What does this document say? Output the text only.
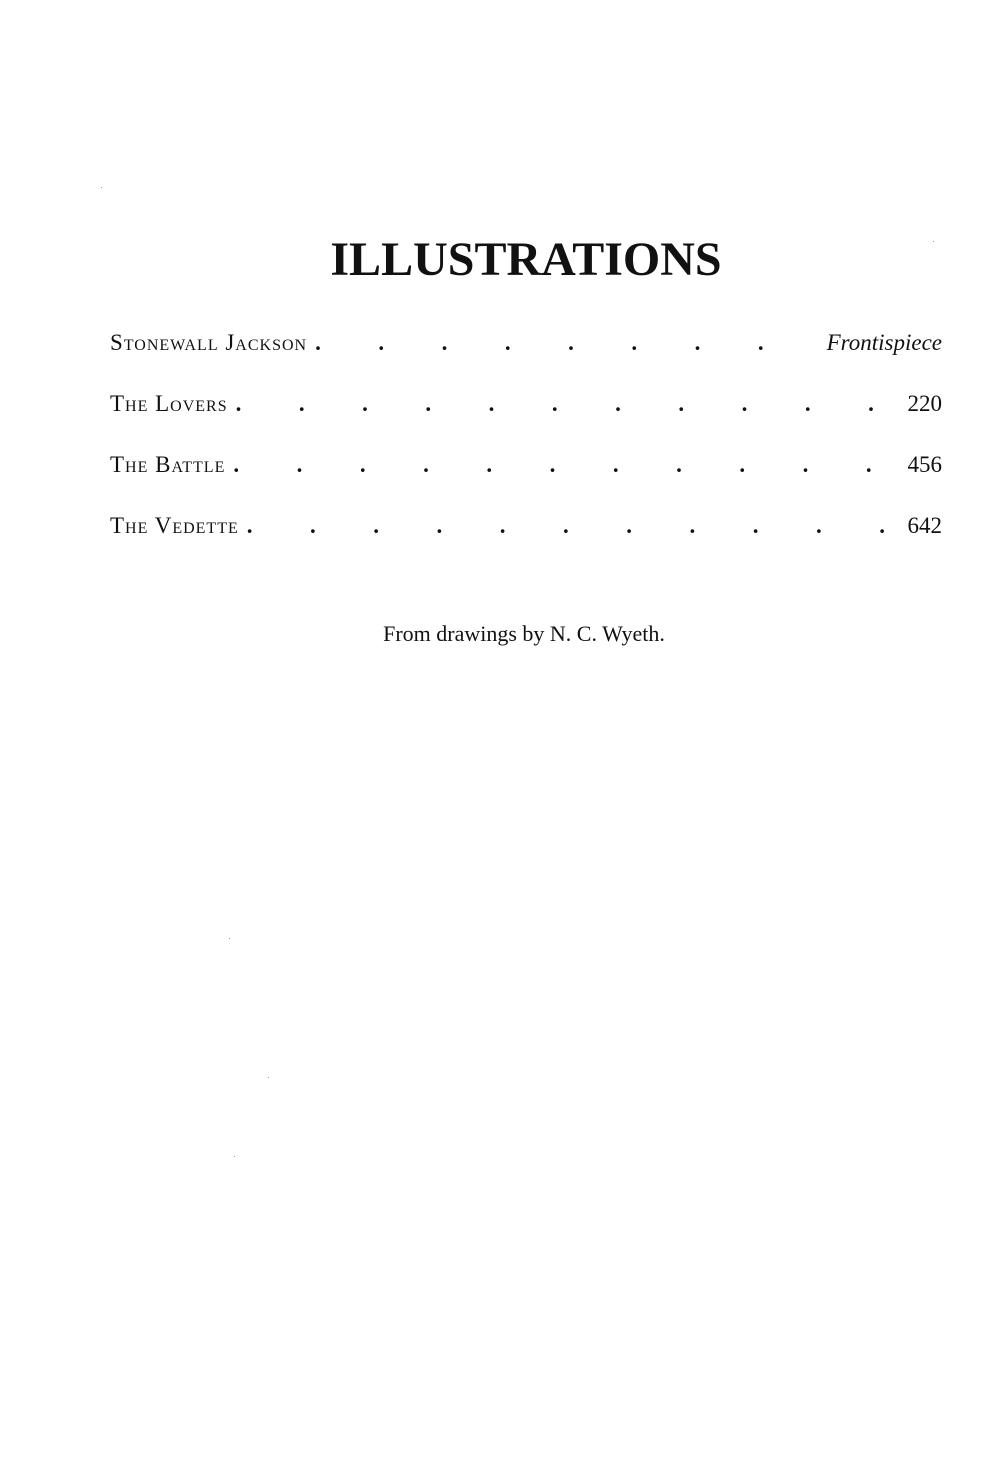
ILLUSTRATIONS
Stonewall Jackson .	Frontispiece
The Lovers .	220
The Battle .	456
The Vedette .	642
From drawings by N. C. Wyeth.
